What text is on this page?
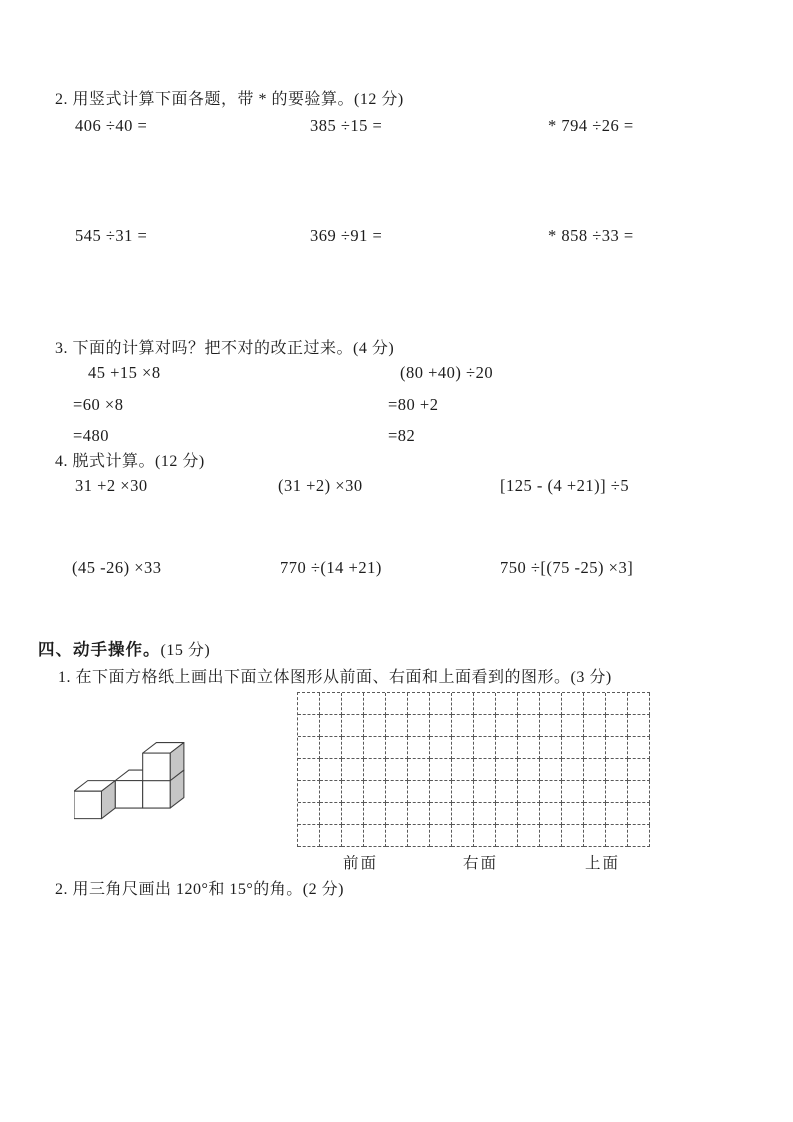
2. 用竖式计算下面各题，带 * 的要验算。(12 分)
406 ÷40 =	385 ÷15 =	* 794 ÷26 =
545 ÷31 =	369 ÷91 =	* 858 ÷33 =
3. 下面的计算对吗？把不对的改正过来。(4 分)
45 +15 ×8
=60 ×8
=480
(80 +40) ÷20
=80 +2
=82
4. 脱式计算。(12 分)
31 +2 ×30	(31 +2) ×30	[125 - (4 +21)] ÷5
(45 -26) ×33	770 ÷(14 +21)	750 ÷[(75 -25) ×3]
四、动手操作。(15 分)
1. 在下面方格纸上画出下面立体图形从前面、右面和上面看到的图形。(3 分)
前面	右面	上面
2. 用三角尺画出 120°和 15°的角。(2 分)
